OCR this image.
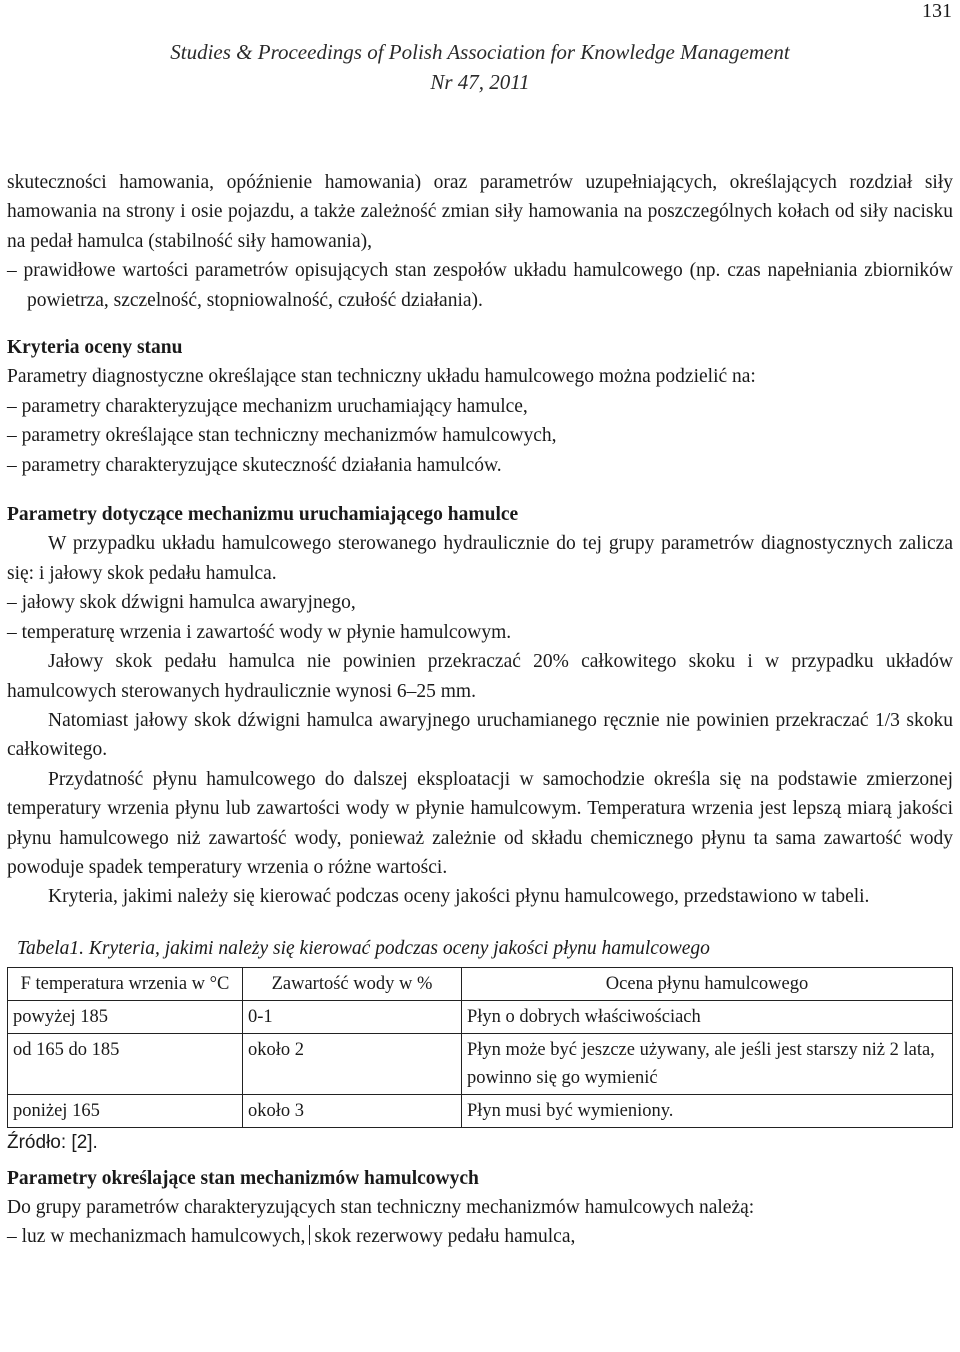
131
Studies & Proceedings of Polish Association for Knowledge Management
Nr 47, 2011

skuteczności hamowania, opóźnienie hamowania) oraz parametrów uzupełniających, określających rozdział siły hamowania na strony i osie pojazdu, a także zależność zmian siły hamowania na poszczególnych kołach od siły nacisku na pedał hamulca (stabilność siły hamowania),

– prawidłowe wartości parametrów opisujących stan zespołów układu hamulcowego (np. czas napełniania zbiorników powietrza, szczelność, stopniowalność, czułość działania).

Kryteria oceny stanu

Parametry diagnostyczne określające stan techniczny układu hamulcowego można podzielić na:

– parametry charakteryzujące mechanizm uruchamiający hamulce,

– parametry określające stan techniczny mechanizmów hamulcowych,

– parametry charakteryzujące skuteczność działania hamulców.

Parametry dotyczące mechanizmu uruchamiającego hamulce

W przypadku układu hamulcowego sterowanego hydraulicznie do tej grupy parametrów diagnostycznych zalicza się: i jałowy skok pedału hamulca.

– jałowy skok dźwigni hamulca awaryjnego,

– temperaturę wrzenia i zawartość wody w płynie hamulcowym.

Jałowy skok pedału hamulca nie powinien przekraczać 20% całkowitego skoku i w przypadku układów hamulcowych sterowanych hydraulicznie wynosi 6–25 mm.

Natomiast jałowy skok dźwigni hamulca awaryjnego uruchamianego ręcznie nie powinien przekraczać 1/3 skoku całkowitego.

Przydatność płynu hamulcowego do dalszej eksploatacji w samochodzie określa się na podstawie zmierzonej temperatury wrzenia płynu lub zawartości wody w płynie hamulcowym. Temperatura wrzenia jest lepszą miarą jakości płynu hamulcowego niż zawartość wody, ponieważ zależnie od składu chemicznego płynu ta sama zawartość wody powoduje spadek temperatury wrzenia o różne wartości.

Kryteria, jakimi należy się kierować podczas oceny jakości płynu hamulcowego, przedstawiono w tabeli.

Tabela1. Kryteria, jakimi należy się kierować podczas oceny jakości płynu hamulcowego

F temperatura wrzenia w °C	Zawartość wody w %	Ocena płynu hamulcowego
powyżej 185	0-1	Płyn o dobrych właściwościach
od 165 do 185	około 2	Płyn może być jeszcze używany, ale jeśli jest starszy niż 2 lata, powinno się go wymienić
poniżej 165	około 3	Płyn musi być wymieniony.

Źródło: [2].

Parametry określające stan mechanizmów hamulcowych

Do grupy parametrów charakteryzujących stan techniczny mechanizmów hamulcowych należą:

– luz w mechanizmach hamulcowych, skok rezerwowy pedału hamulca,
